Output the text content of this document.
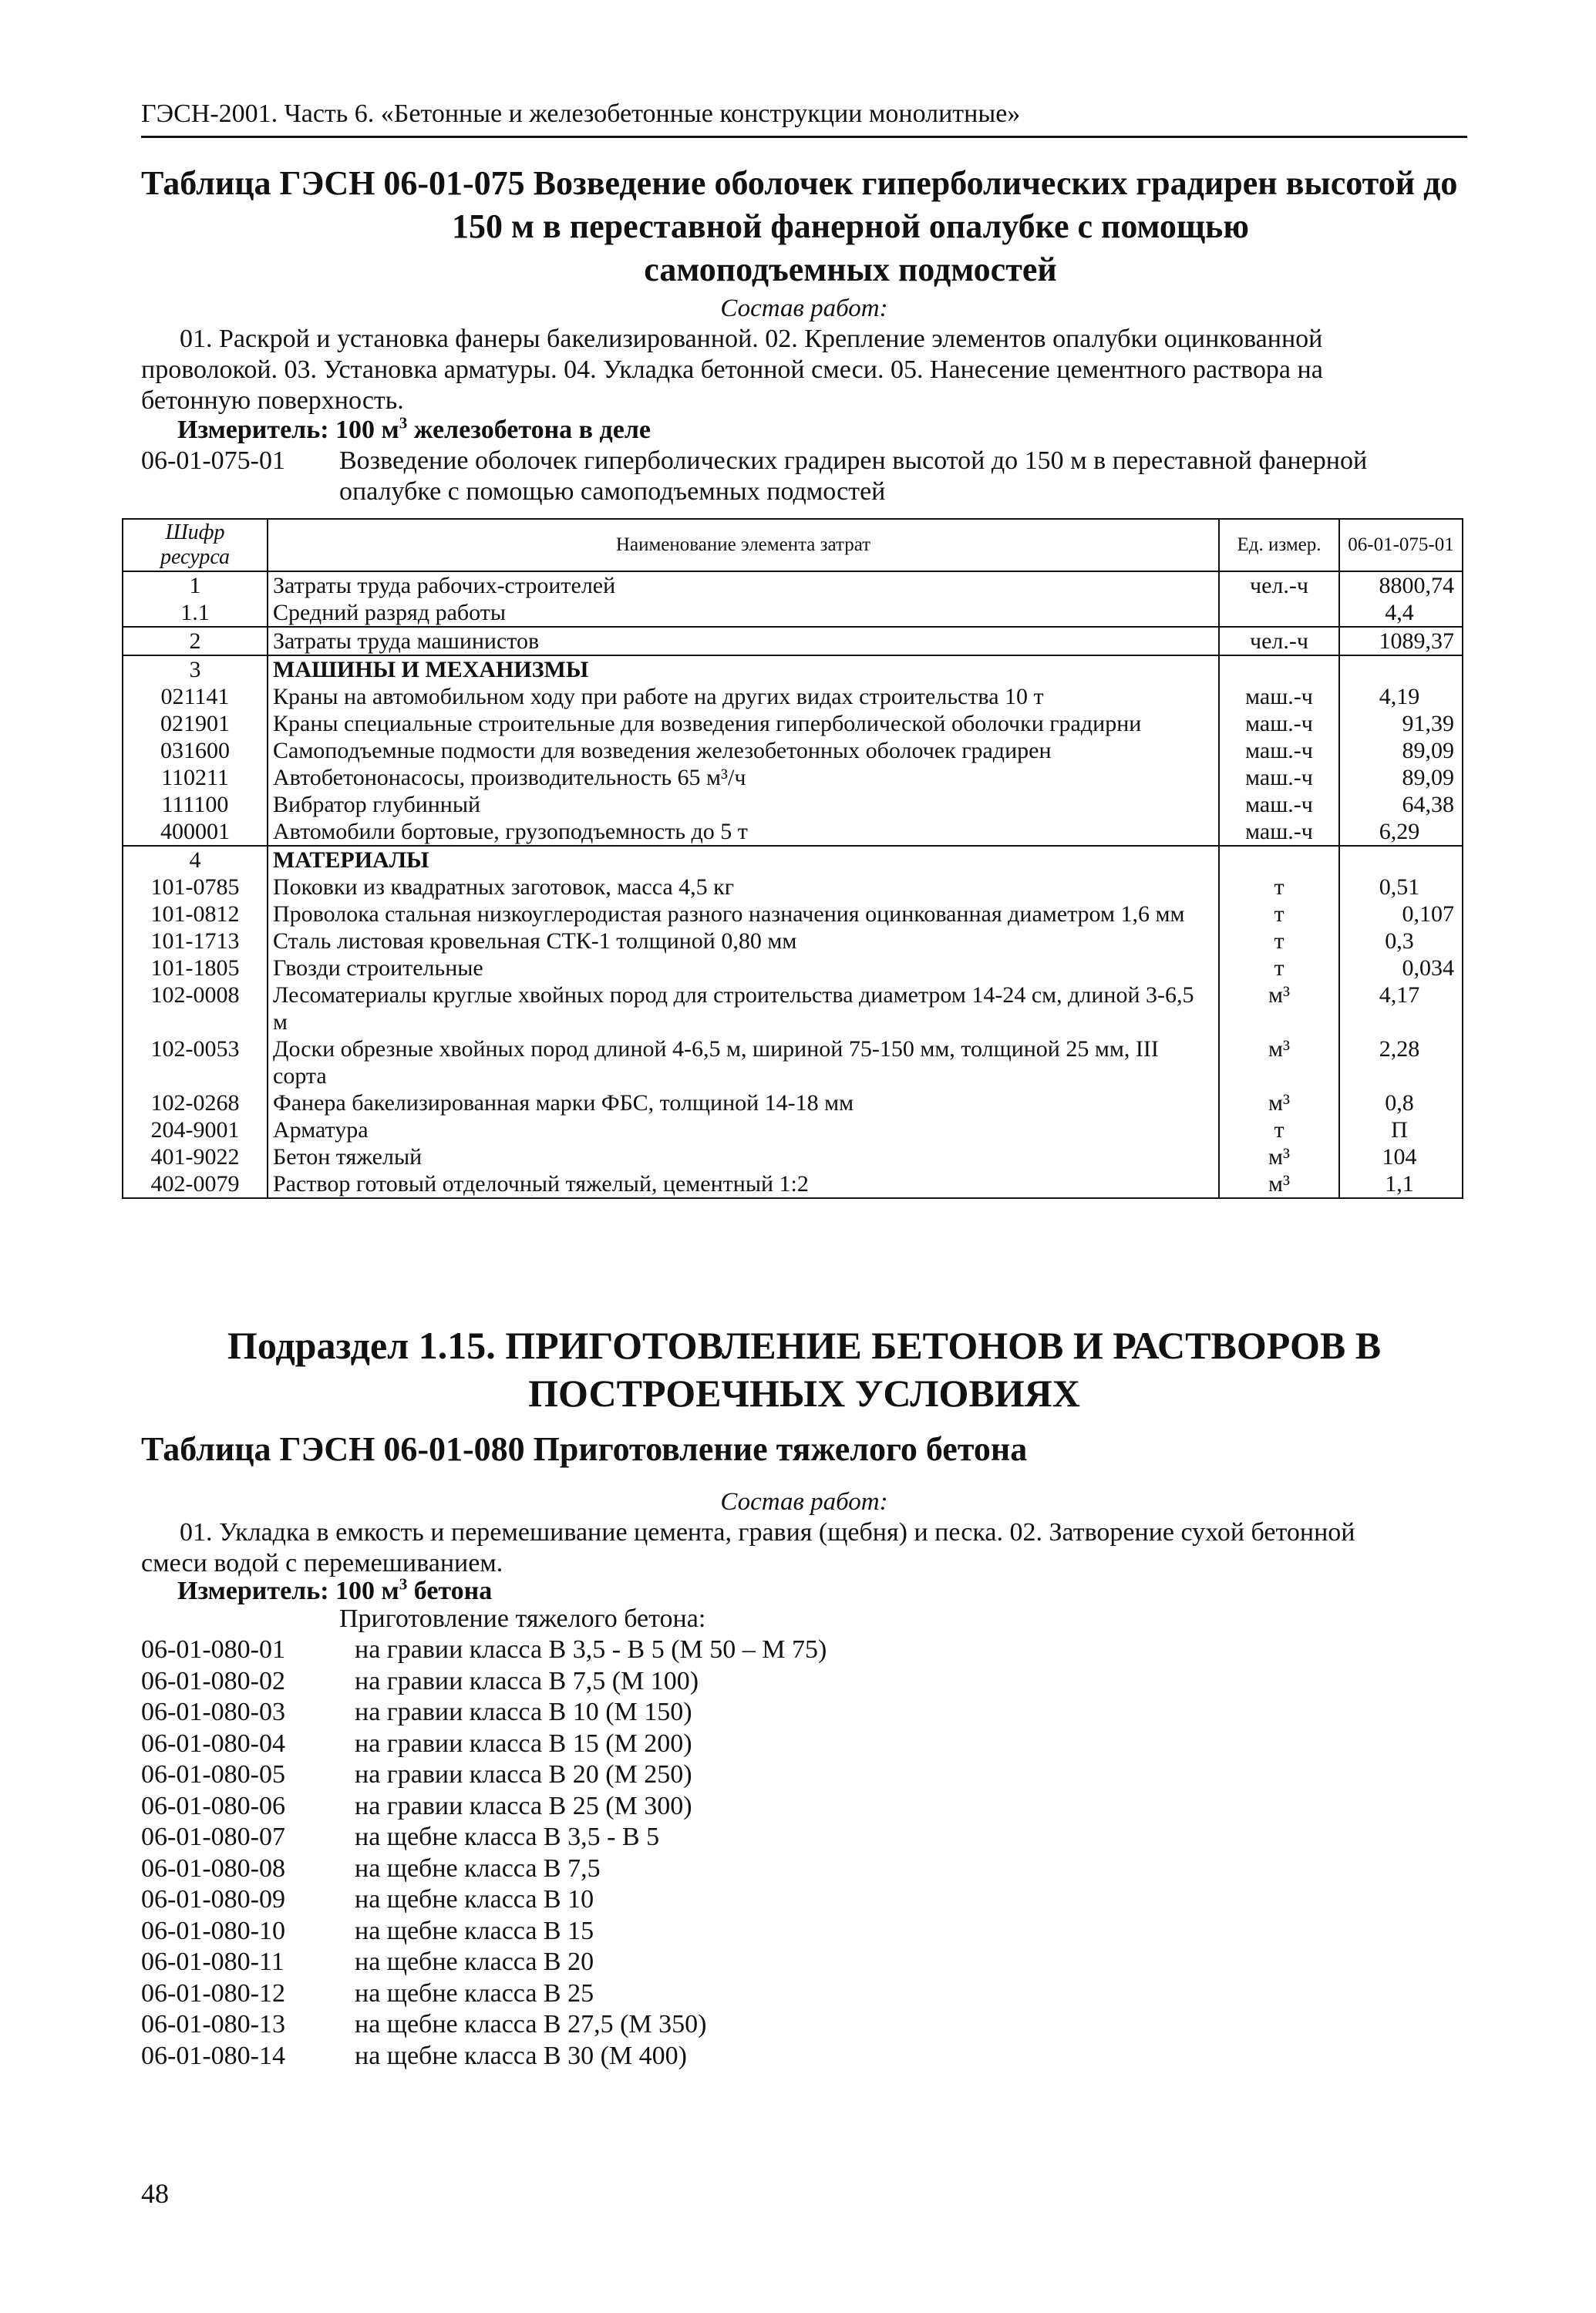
ГЭСН-2001. Часть 6. «Бетонные и железобетонные конструкции монолитные»
Таблица ГЭСН 06-01-075 Возведение оболочек гиперболических градирен высотой до
150 м в переставной фанерной опалубке с помощью
самоподъемных подмостей
Состав работ:
01. Раскрой и установка фанеры бакелизированной. 02. Крепление элементов опалубки оцинкованной
проволокой. 03. Установка арматуры. 04. Укладка бетонной смеси. 05. Нанесение цементного раствора на
бетонную поверхность.
Измеритель: 100 $м^3$ железобетона в деле
06-01-075-01 Возведение оболочек гиперболических градирен высотой до 150 м в переставной фанерной опалубке с помощью самоподъемных подмостей
Шифр ресурса	Наименование элемента затрат	Ед. измер.	06-01-075-01
1	Затраты труда рабочих-строителей	чел.-ч	8800,74
1.1	Средний разряд работы		4,4
2	Затраты труда машинистов	чел.-ч	1089,37
3	МАШИНЫ И МЕХАНИЗМЫ		
021141	Краны на автомобильном ходу при работе на других видах строительства 10 т	маш.-ч	4,19
021901	Краны специальные строительные для возведения гиперболической оболочки градирни	маш.-ч	91,39
031600	Самоподъемные подмости для возведения железобетонных оболочек градирен	маш.-ч	89,09
110211	Автобетононасосы, производительность 65 м³/ч	маш.-ч	89,09
111100	Вибратор глубинный	маш.-ч	64,38
400001	Автомобили бортовые, грузоподъемность до 5 т	маш.-ч	6,29
4	МАТЕРИАЛЫ		
101-0785	Поковки из квадратных заготовок, масса 4,5 кг	т	0,51
101-0812	Проволока стальная низкоуглеродистая разного назначения оцинкованная диаметром 1,6 мм	т	0,107
101-1713	Сталь листовая кровельная СТК-1 толщиной 0,80 мм	т	0,3
101-1805	Гвозди строительные	т	0,034
102-0008	Лесоматериалы круглые хвойных пород для строительства диаметром 14-24 см, длиной 3-6,5 м	м³	4,17
102-0053	Доски обрезные хвойных пород длиной 4-6,5 м, шириной 75-150 мм, толщиной 25 мм, III сорта	м³	2,28
102-0268	Фанера бакелизированная марки ФБС, толщиной 14-18 мм	м³	0,8
204-9001	Арматура	т	П
401-9022	Бетон тяжелый	м³	104
402-0079	Раствор готовый отделочный тяжелый, цементный 1:2	м³	1,1
Подраздел 1.15. ПРИГОТОВЛЕНИЕ БЕТОНОВ И РАСТВОРОВ В
ПОСТРОЕЧНЫХ УСЛОВИЯХ
Таблица ГЭСН 06-01-080 Приготовление тяжелого бетона
Состав работ:
01. Укладка в емкость и перемешивание цемента, гравия (щебня) и песка. 02. Затворение сухой бетонной
смеси водой с перемешиванием.
Измеритель: 100 $м^3$ бетона
Приготовление тяжелого бетона:
06-01-080-01	на гравии класса В 3,5 - В 5 (М 50 – М 75)
06-01-080-02	на гравии класса В 7,5 (М 100)
06-01-080-03	на гравии класса В 10 (М 150)
06-01-080-04	на гравии класса В 15 (М 200)
06-01-080-05	на гравии класса В 20 (М 250)
06-01-080-06	на гравии класса В 25 (М 300)
06-01-080-07	на щебне класса В 3,5 - В 5
06-01-080-08	на щебне класса В 7,5
06-01-080-09	на щебне класса В 10
06-01-080-10	на щебне класса В 15
06-01-080-11	на щебне класса В 20
06-01-080-12	на щебне класса В 25
06-01-080-13	на щебне класса В 27,5 (М 350)
06-01-080-14	на щебне класса В 30 (М 400)
48
